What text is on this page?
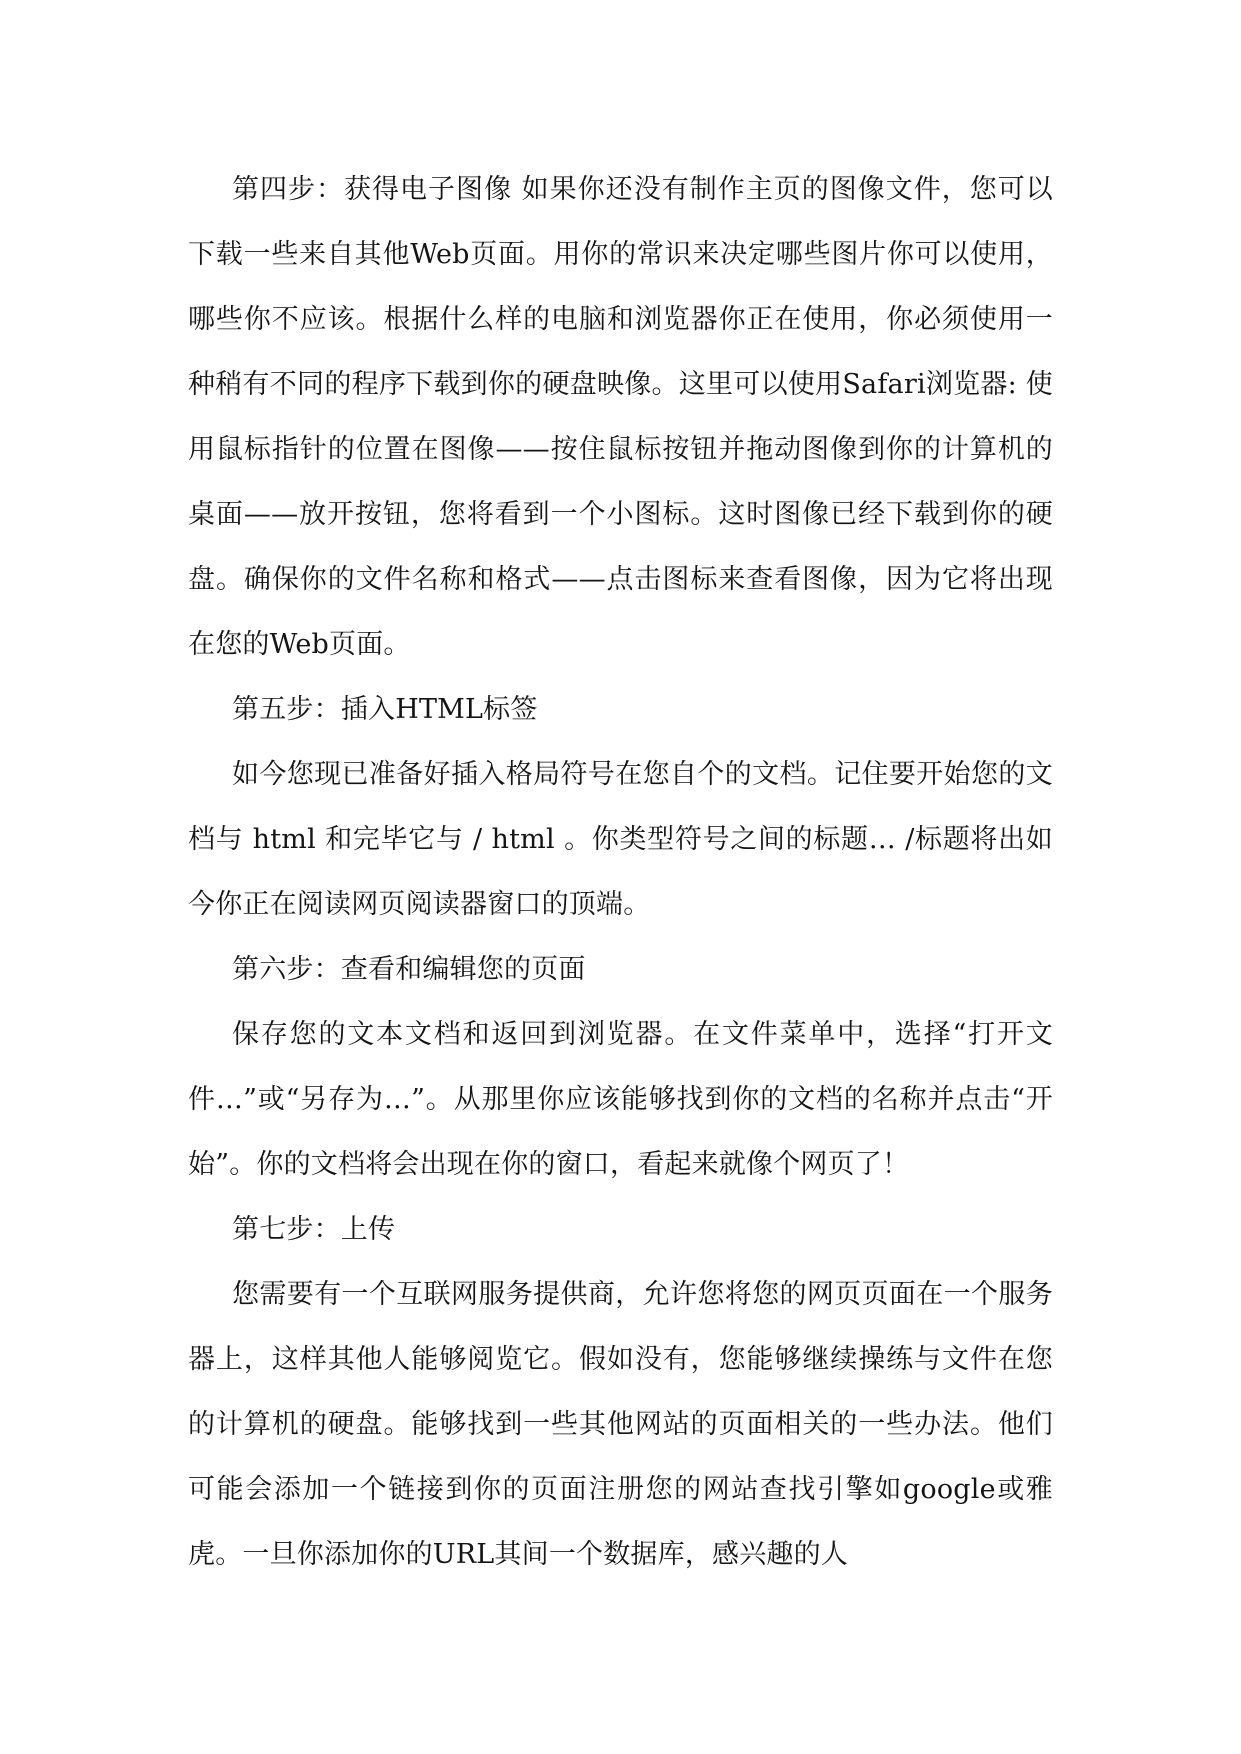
第四步：获得电子图像 如果你还没有制作主页的图像文件，您可以下载一些来自其他Web页面。用你的常识来决定哪些图片你可以使用，哪些你不应该。根据什么样的电脑和浏览器你正在使用，你必须使用一种稍有不同的程序下载到你的硬盘映像。这里可以使用Safari浏览器: 使用鼠标指针的位置在图像——按住鼠标按钮并拖动图像到你的计算机的桌面——放开按钮，您将看到一个小图标。这时图像已经下载到你的硬盘。确保你的文件名称和格式——点击图标来查看图像，因为它将出现在您的Web页面。

第五步：插入HTML标签

如今您现已准备好插入格局符号在您自个的文档。记住要开始您的文档与 html 和完毕它与 / html 。你类型符号之间的标题… /标题将出如今你正在阅读网页阅读器窗口的顶端。

第六步：查看和编辑您的页面

保存您的文本文档和返回到浏览器。在文件菜单中，选择“打开文件…”或“另存为…”。从那里你应该能够找到你的文档的名称并点击“开始”。你的文档将会出现在你的窗口，看起来就像个网页了！

第七步：上传

您需要有一个互联网服务提供商，允许您将您的网页页面在一个服务器上，这样其他人能够阅览它。假如没有，您能够继续操练与文件在您的计算机的硬盘。能够找到一些其他网站的页面相关的一些办法。他们可能会添加一个链接到你的页面注册您的网站查找引擎如google或雅虎。一旦你添加你的URL其间一个数据库，感兴趣的人
